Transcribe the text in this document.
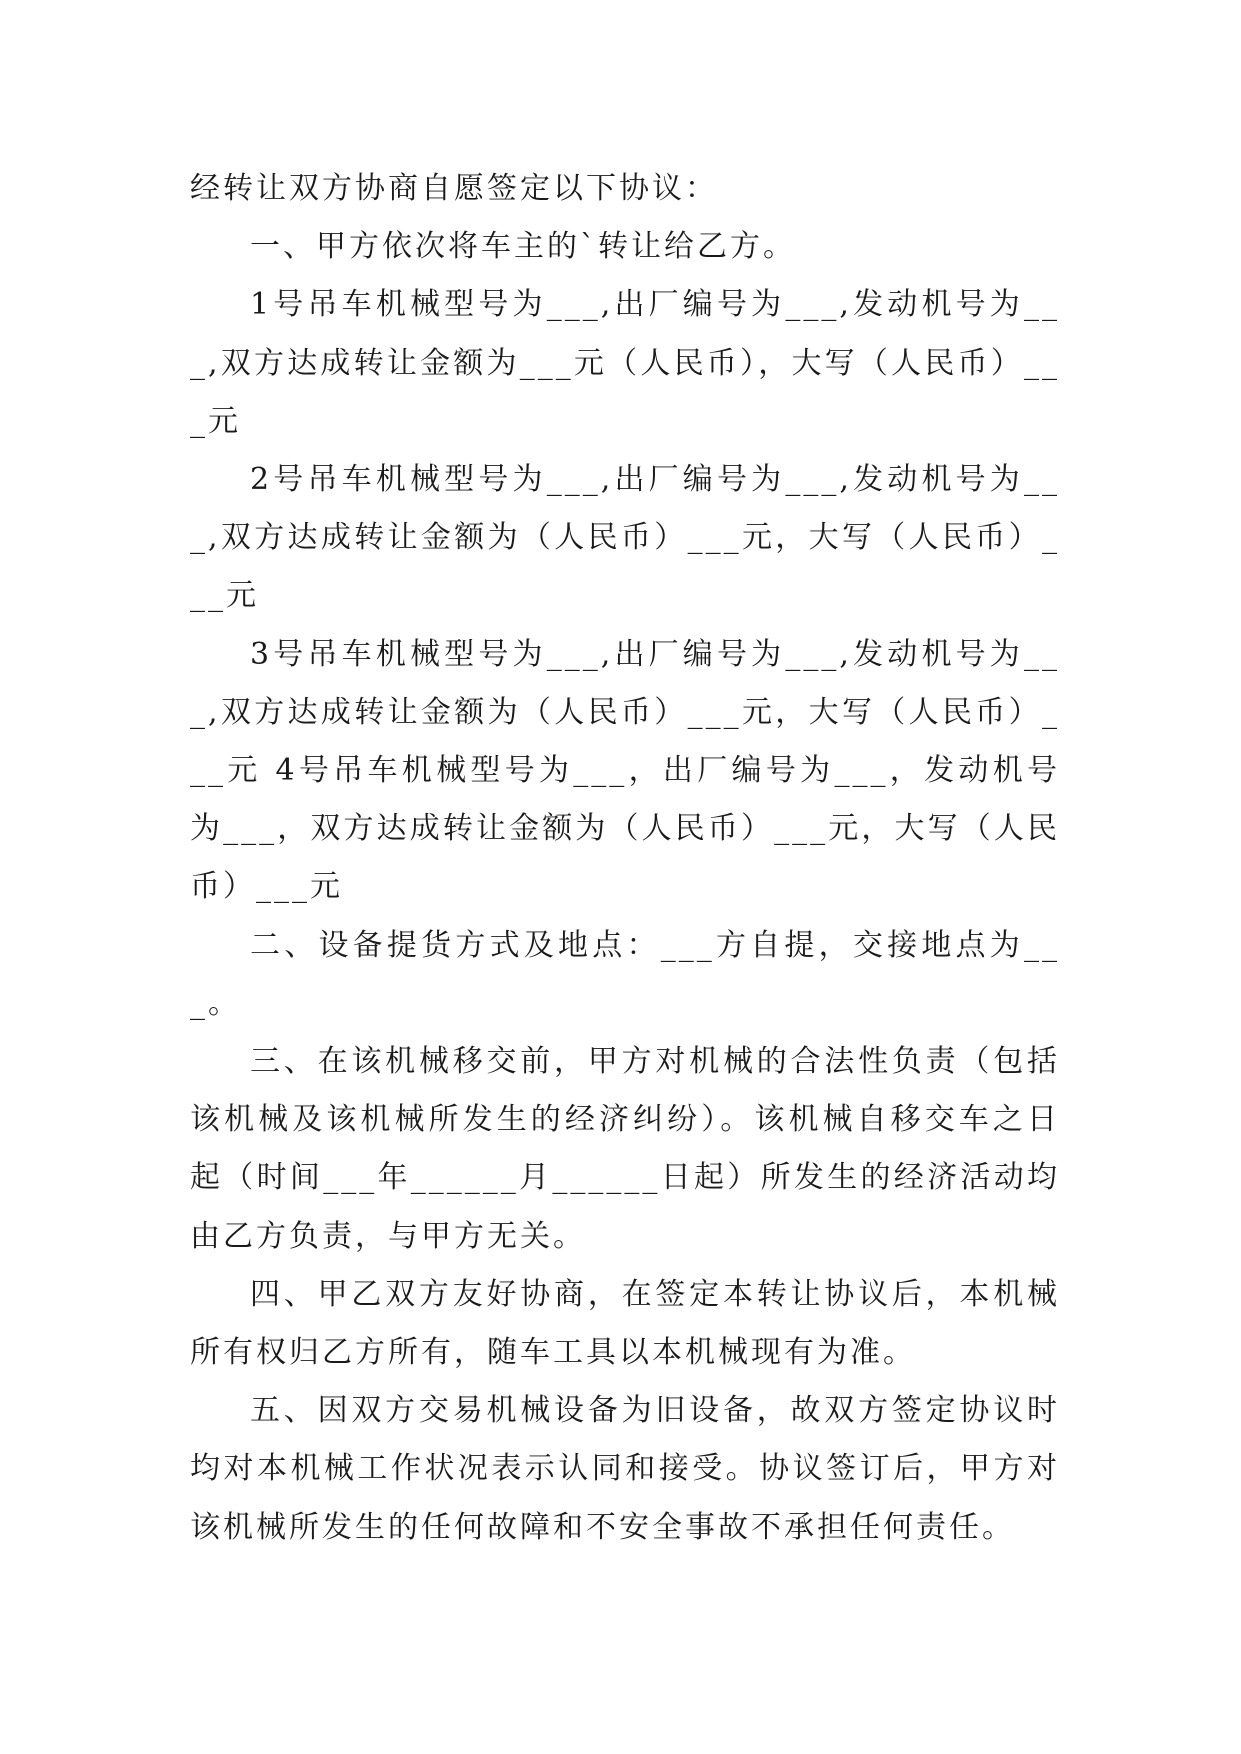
经转让双方协商自愿签定以下协议：

一、甲方依次将车主的`转让给乙方。

1号吊车机械型号为___,出厂编号为___,发动机号为___,双方达成转让金额为___元（人民币），大写（人民币）___元

2号吊车机械型号为___,出厂编号为___,发动机号为___,双方达成转让金额为（人民币）___元，大写（人民币）___元

3号吊车机械型号为___,出厂编号为___,发动机号为___,双方达成转让金额为（人民币）___元，大写（人民币）___元 4号吊车机械型号为___，出厂编号为___，发动机号为___，双方达成转让金额为（人民币）___元，大写（人民币）___元

二、设备提货方式及地点：___方自提，交接地点为___。

三、在该机械移交前，甲方对机械的合法性负责（包括该机械及该机械所发生的经济纠纷）。该机械自移交车之日起（时间___年______月______日起）所发生的经济活动均由乙方负责，与甲方无关。

四、甲乙双方友好协商，在签定本转让协议后，本机械所有权归乙方所有，随车工具以本机械现有为准。

五、因双方交易机械设备为旧设备，故双方签定协议时均对本机械工作状况表示认同和接受。协议签订后，甲方对该机械所发生的任何故障和不安全事故不承担任何责任。
